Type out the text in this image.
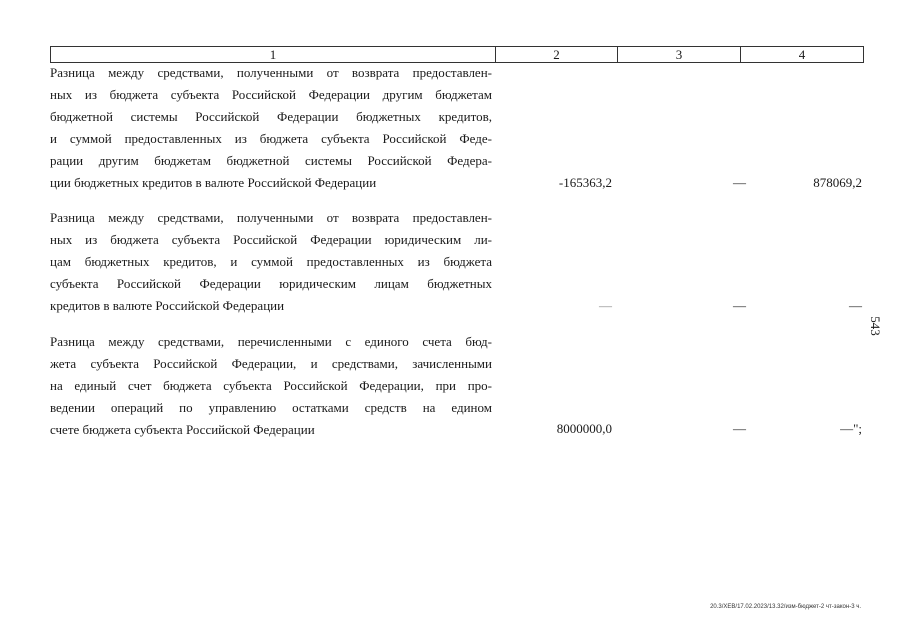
1	2	3	4
Разница между средствами, полученными от возврата предоставлен-
ных из бюджета субъекта Российской Федерации другим бюджетам
бюджетной системы Российской Федерации бюджетных кредитов,
и суммой предоставленных из бюджета субъекта Российской Феде-
рации другим бюджетам бюджетной системы Российской Федера-
ции бюджетных кредитов в валюте Российской Федерации	-165363,2	—	878069,2
Разница между средствами, полученными от возврата предоставлен-
ных из бюджета субъекта Российской Федерации юридическим ли-
цам бюджетных кредитов, и суммой предоставленных из бюджета
субъекта Российской Федерации юридическим лицам бюджетных
кредитов в валюте Российской Федерации	—	—	—
Разница между средствами, перечисленными с единого счета бюд-
жета субъекта Российской Федерации, и средствами, зачисленными
на единый счет бюджета субъекта Российской Федерации, при про-
ведении операций по управлению остатками средств на едином
счете бюджета субъекта Российской Федерации	8000000,0	—	—";
543
20.3/ХЕВ/17.02.2023/13.32/изм-бюджет-2 чт-закон-3 ч.
